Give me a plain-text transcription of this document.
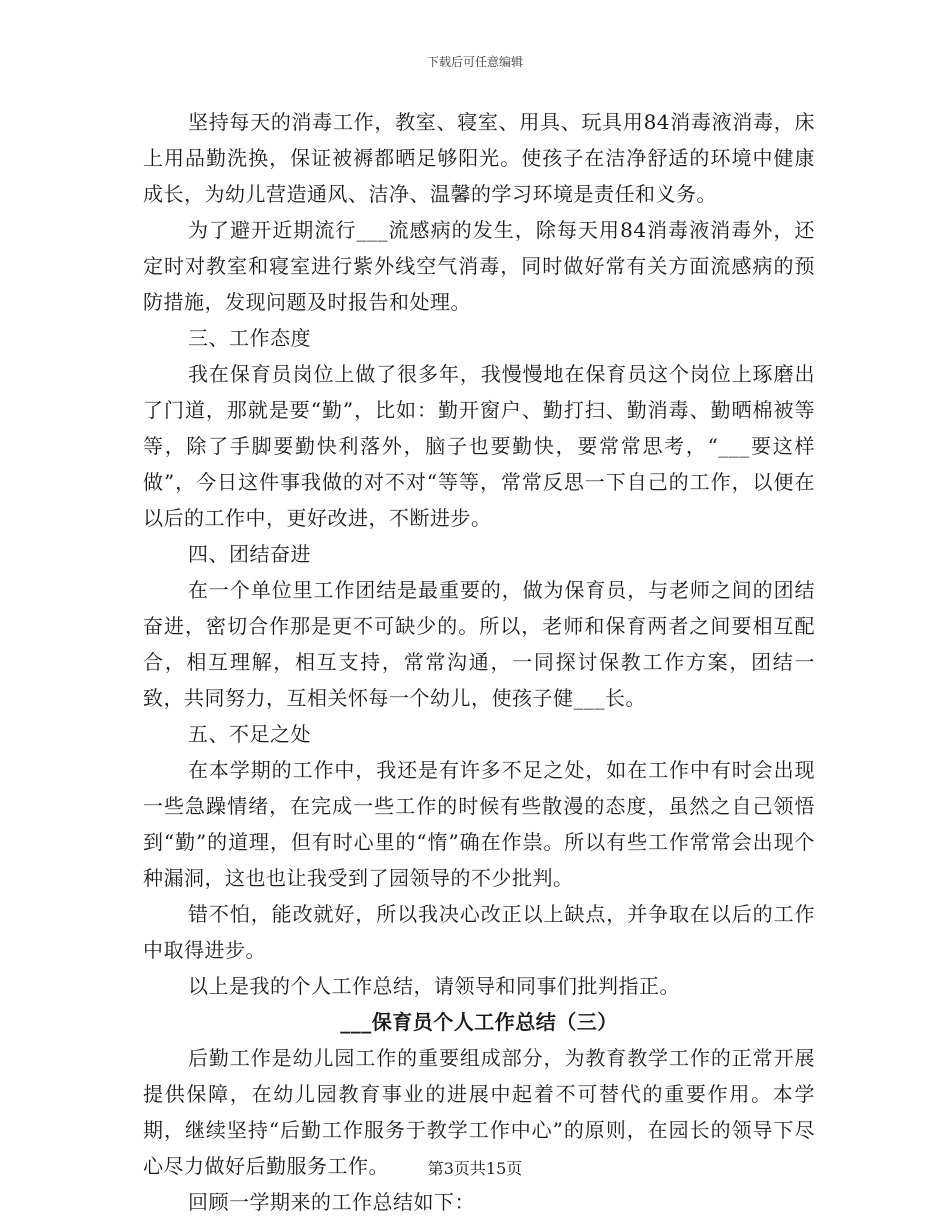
下载后可任意编辑

坚持每天的消毒工作，教室、寝室、用具、玩具用84消毒液消毒，床上用品勤洗换，保证被褥都晒足够阳光。使孩子在洁净舒适的环境中健康成长，为幼儿营造通风、洁净、温馨的学习环境是责任和义务。

为了避开近期流行___流感病的发生，除每天用84消毒液消毒外，还定时对教室和寝室进行紫外线空气消毒，同时做好常有关方面流感病的预防措施，发现问题及时报告和处理。

三、工作态度

我在保育员岗位上做了很多年，我慢慢地在保育员这个岗位上琢磨出了门道，那就是要“勤”，比如：勤开窗户、勤打扫、勤消毒、勤晒棉被等等，除了手脚要勤快利落外，脑子也要勤快，要常常思考，“___要这样做”，今日这件事我做的对不对“等等，常常反思一下自己的工作，以便在以后的工作中，更好改进，不断进步。

四、团结奋进

在一个单位里工作团结是最重要的，做为保育员，与老师之间的团结奋进，密切合作那是更不可缺少的。所以，老师和保育两者之间要相互配合，相互理解，相互支持，常常沟通，一同探讨保教工作方案，团结一致，共同努力，互相关怀每一个幼儿，使孩子健___长。

五、不足之处

在本学期的工作中，我还是有许多不足之处，如在工作中有时会出现一些急躁情绪，在完成一些工作的时候有些散漫的态度，虽然之自己领悟到“勤”的道理，但有时心里的“惰”确在作祟。所以有些工作常常会出现个种漏洞，这也也让我受到了园领导的不少批判。

错不怕，能改就好，所以我决心改正以上缺点，并争取在以后的工作中取得进步。

以上是我的个人工作总结，请领导和同事们批判指正。

___保育员个人工作总结（三）

后勤工作是幼儿园工作的重要组成部分，为教育教学工作的正常开展提供保障，在幼儿园教育事业的进展中起着不可替代的重要作用。本学期，继续坚持“后勤工作服务于教学工作中心”的原则，在园长的领导下尽心尽力做好后勤服务工作。

回顾一学期来的工作总结如下：

第3页共15页
